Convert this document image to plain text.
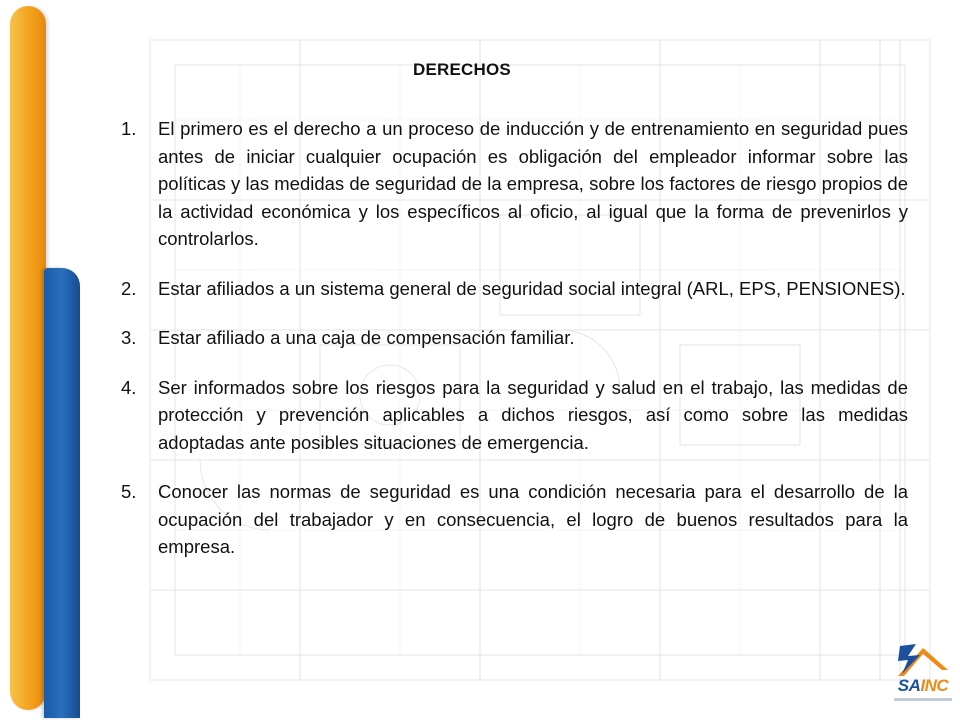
DERECHOS
1. El primero es el derecho a un proceso de inducción y de entrenamiento en seguridad pues antes de iniciar cualquier ocupación es obligación del empleador informar sobre las políticas y las medidas de seguridad de la empresa, sobre los factores de riesgo propios de la actividad económica y los específicos al oficio, al igual que la forma de prevenirlos y controlarlos.
2. Estar afiliados a un sistema general de seguridad social integral (ARL, EPS, PENSIONES).
3. Estar afiliado a una caja de compensación familiar.
4. Ser informados sobre los riesgos para la seguridad y salud en el trabajo, las medidas de protección y prevención aplicables a dichos riesgos, así como sobre las medidas adoptadas ante posibles situaciones de emergencia.
5. Conocer las normas de seguridad es una condición necesaria para el desarrollo de la ocupación del trabajador y en consecuencia, el logro de buenos resultados para la empresa.
SAINC
